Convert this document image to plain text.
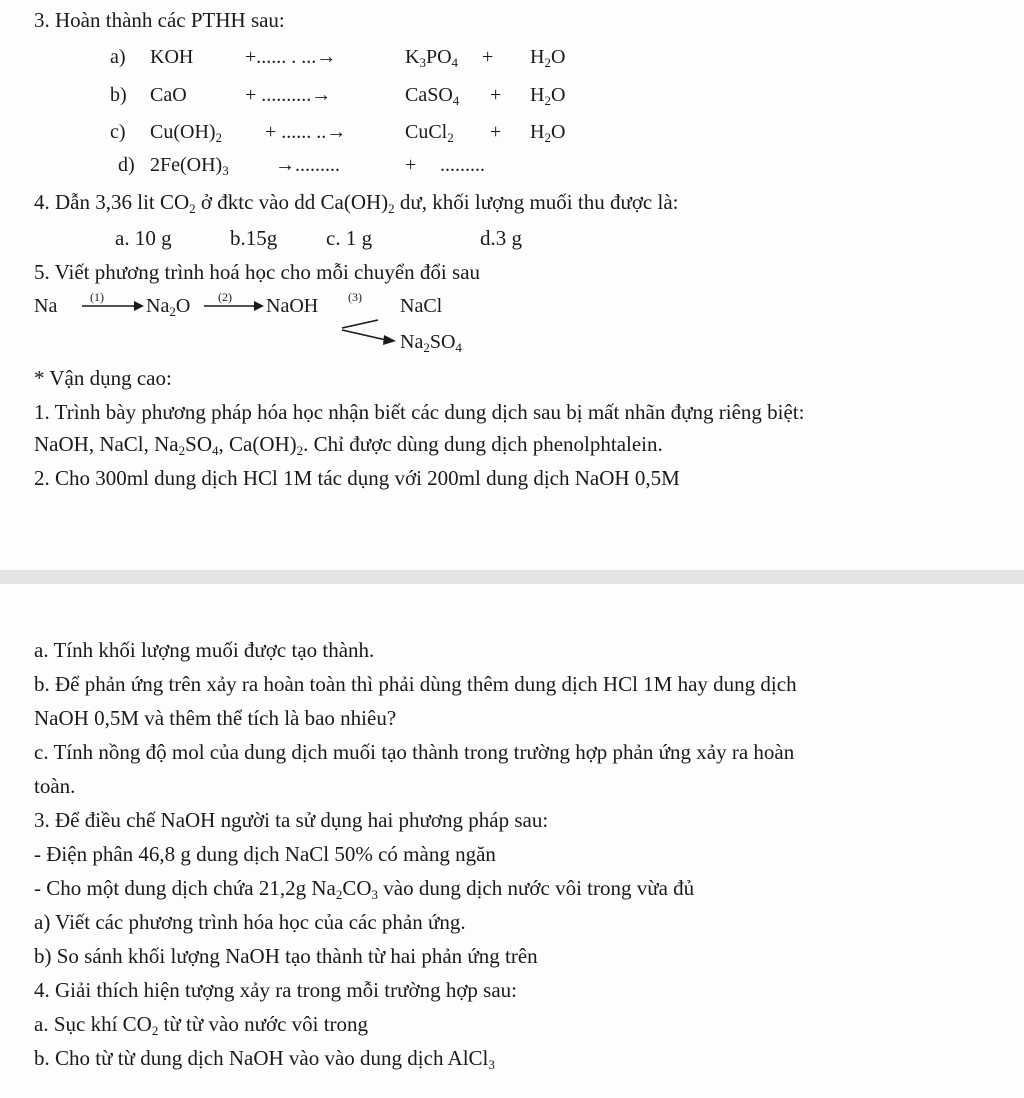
3. Hoàn thành các PTHH sau:
a) KOH	+...... . ...→	$K_3PO_4 + H_2O$
b) CaO	+ ..........→	CaSO$_4$ + $H_2O$
c) $Cu(OH)_2$ + ...... ..→	CuCl$_2$ + $H_2O$
d) $2Fe(OH)_3$ →.........	+ .........
4. Dẫn 3,36 lit $CO_2$ ở đktc vào dd $Ca(OH)_2$ dư, khối lượng muối thu được là:
a. 10 g	b.15g c. 1 g	d.3 g
5. Viết phương trình hoá học cho mỗi chuyển đổi sau
Na	(1) $Na_2O$ (2) NaOH (3) NaCl
$Na_2SO_4$
* Vận dụng cao:
1. Trình bày phương pháp hóa học nhận biết các dung dịch sau bị mất nhãn đựng riêng biệt:
NaOH, NaCl, $Na_2SO_4$, $Ca(OH)_2$. Chỉ được dùng dung dịch phenolphtalein.
2. Cho 300ml dung dịch HCl 1M tác dụng với 200ml dung dịch NaOH 0,5M
a. Tính khối lượng muối được tạo thành.
b. Để phản ứng trên xảy ra hoàn toàn thì phải dùng thêm dung dịch HCl 1M hay dung dịch
NaOH 0,5M và thêm thể tích là bao nhiêu?
c. Tính nồng độ mol của dung dịch muối tạo thành trong trường hợp phản ứng xảy ra hoàn
toàn.
3. Để điều chế NaOH người ta sử dụng hai phương pháp sau:
- Điện phân 46,8 g dung dịch NaCl 50% có màng ngăn
- Cho một dung dịch chứa 21,2g $Na_2CO_3$ vào dung dịch nước vôi trong vừa đủ
a) Viết các phương trình hóa học của các phản ứng.
b) So sánh khối lượng NaOH tạo thành từ hai phản ứng trên
4. Giải thích hiện tượng xảy ra trong mỗi trường hợp sau:
a. Sục khí $CO_2$ từ từ vào nước vôi trong
b. Cho từ từ dung dịch NaOH vào vào dung dịch AlCl$_3$
